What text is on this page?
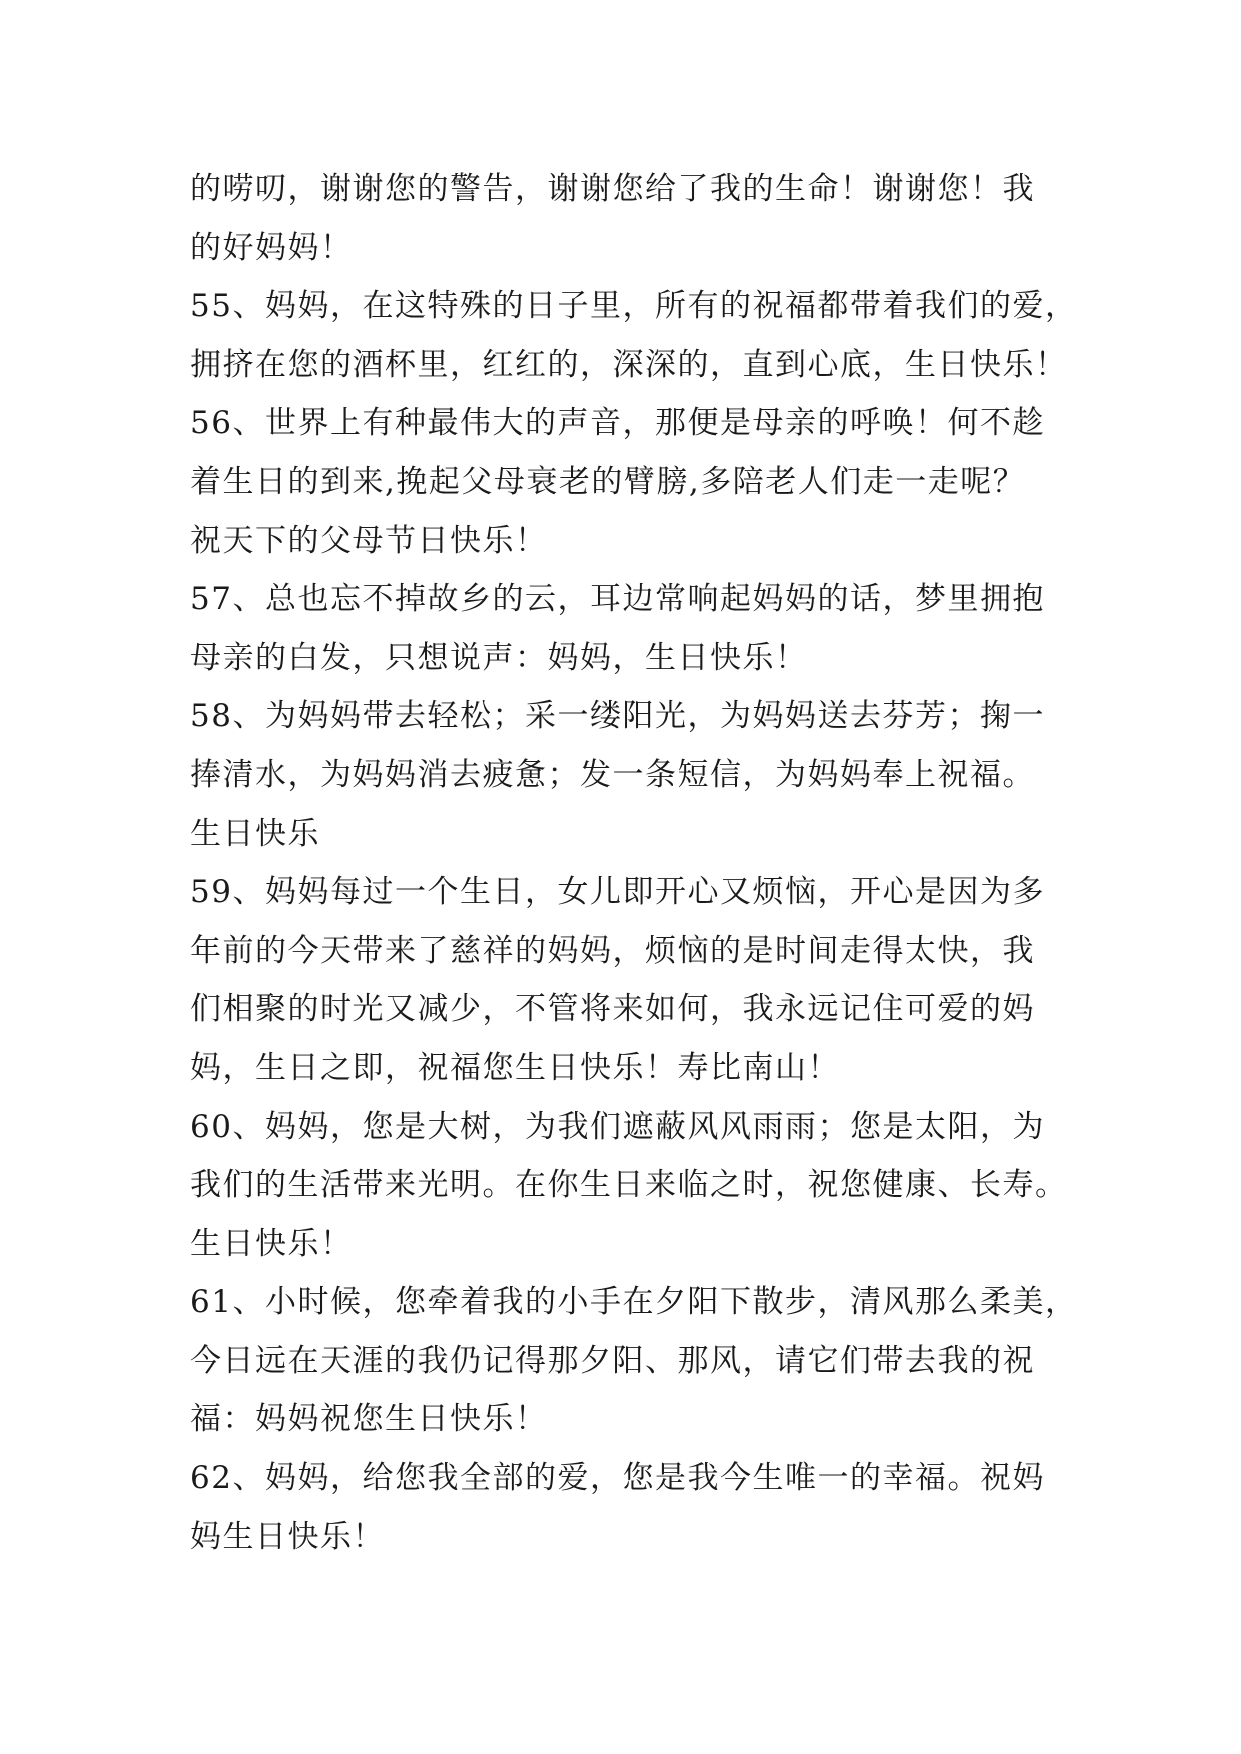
的唠叨，谢谢您的警告，谢谢您给了我的生命！谢谢您！我
的好妈妈！
55、妈妈，在这特殊的日子里，所有的祝福都带着我们的爱，
拥挤在您的酒杯里，红红的，深深的，直到心底，生日快乐！
56、世界上有种最伟大的声音，那便是母亲的呼唤！何不趁
着生日的到来,挽起父母衰老的臂膀,多陪老人们走一走呢？
祝天下的父母节日快乐！
57、总也忘不掉故乡的云，耳边常响起妈妈的话，梦里拥抱
母亲的白发，只想说声：妈妈，生日快乐！
58、为妈妈带去轻松；采一缕阳光，为妈妈送去芬芳；掬一
捧清水，为妈妈消去疲惫；发一条短信，为妈妈奉上祝福。
生日快乐
59、妈妈每过一个生日，女儿即开心又烦恼，开心是因为多
年前的今天带来了慈祥的妈妈，烦恼的是时间走得太快，我
们相聚的时光又减少，不管将来如何，我永远记住可爱的妈
妈，生日之即，祝福您生日快乐！寿比南山！
60、妈妈，您是大树，为我们遮蔽风风雨雨；您是太阳，为
我们的生活带来光明。在你生日来临之时，祝您健康、长寿。
生日快乐！
61、小时候，您牵着我的小手在夕阳下散步，清风那么柔美，
今日远在天涯的我仍记得那夕阳、那风，请它们带去我的祝
福：妈妈祝您生日快乐！
62、妈妈，给您我全部的爱，您是我今生唯一的幸福。祝妈
妈生日快乐！
